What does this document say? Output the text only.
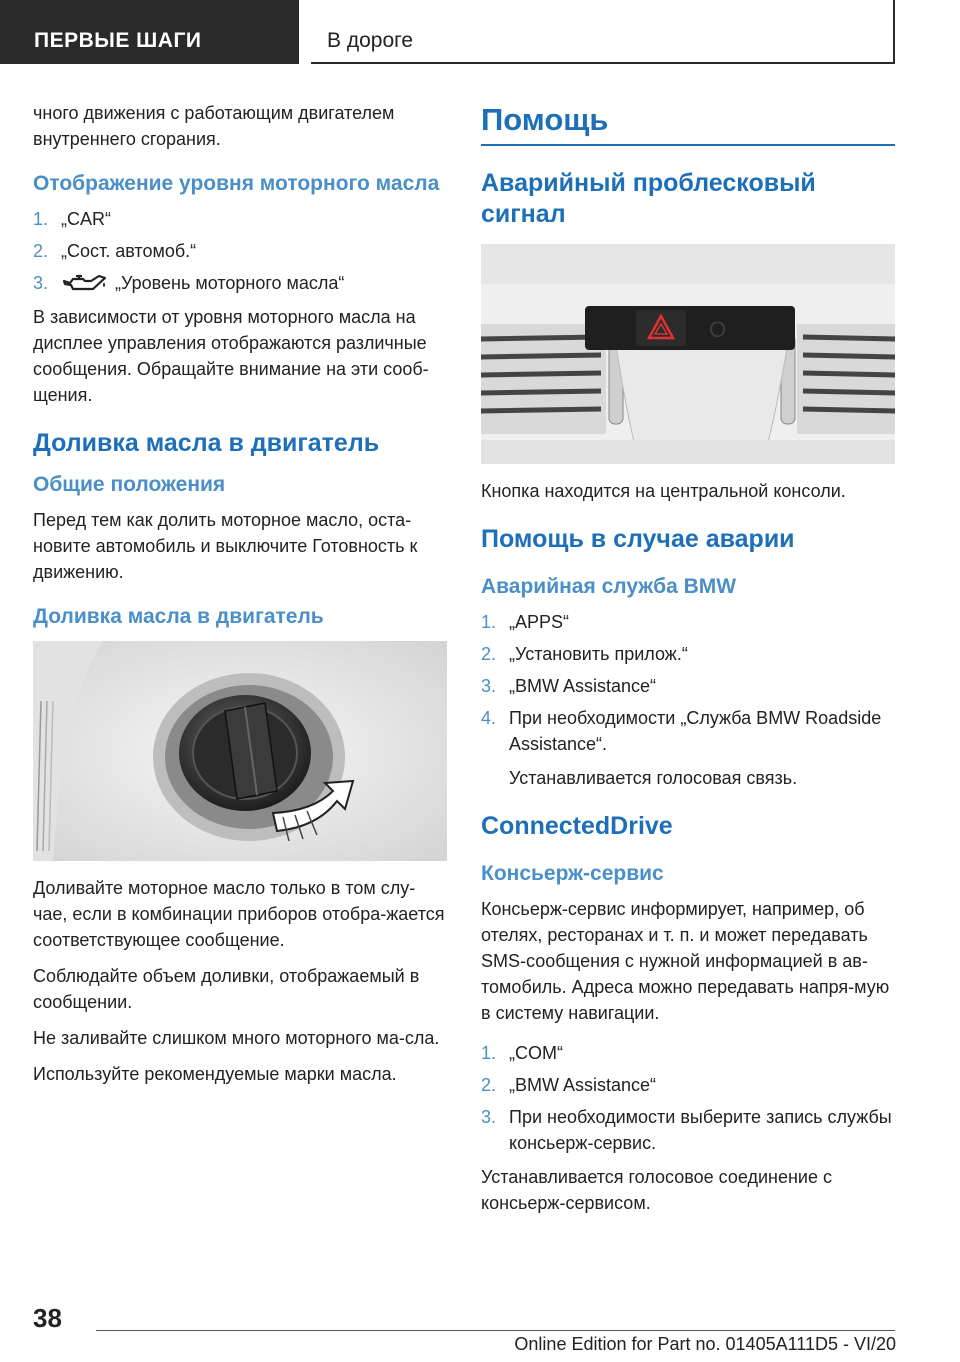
ПЕРВЫЕ ШАГИ	В дороге

чного движения с работающим двигателем внутреннего сгорания.

Отображение уровня моторного масла
1. „CAR“
2. „Сост. автомоб.“
3.	„Уровень моторного масла“

В зависимости от уровня моторного масла на дисплее управления отображаются различные сообщения. Обращайте внимание на эти сооб-щения.

Доливка масла в двигатель
Общие положения

Перед тем как долить моторное масло, оста-новите автомобиль и выключите Готовность к движению.

Доливка масла в двигатель

Доливайте моторное масло только в том слу-чае, если в комбинации приборов отобра-жается соответствующее сообщение.

Соблюдайте объем доливки, отображаемый в сообщении.

Не заливайте слишком много моторного ма-сла.

Используйте рекомендуемые марки масла.

Помощь
Аварийный проблесковый сигнал
O

Кнопка находится на центральной консоли.

Помощь в случае аварии
Аварийная служба BMW
1. „APPS“
2. „Установить прилож.“
3. „BMW Assistance“
4. При необходимости „Служба BMW Roadside Assistance“.

Устанавливается голосовая связь.

ConnectedDrive
Консьерж-сервис

Консьерж-сервис информирует, например, об отелях, ресторанах и т. п. и может передавать SMS-сообщения с нужной информацией в ав-томобиль. Адреса можно передавать напря-мую в систему навигации.

1. „COM“
2. „BMW Assistance“
3. При необходимости выберите запись службы консьерж-сервис.

Устанавливается голосовое соединение с консьерж-сервисом.

38
Online Edition for Part no. 01405A111D5 - VI/20
